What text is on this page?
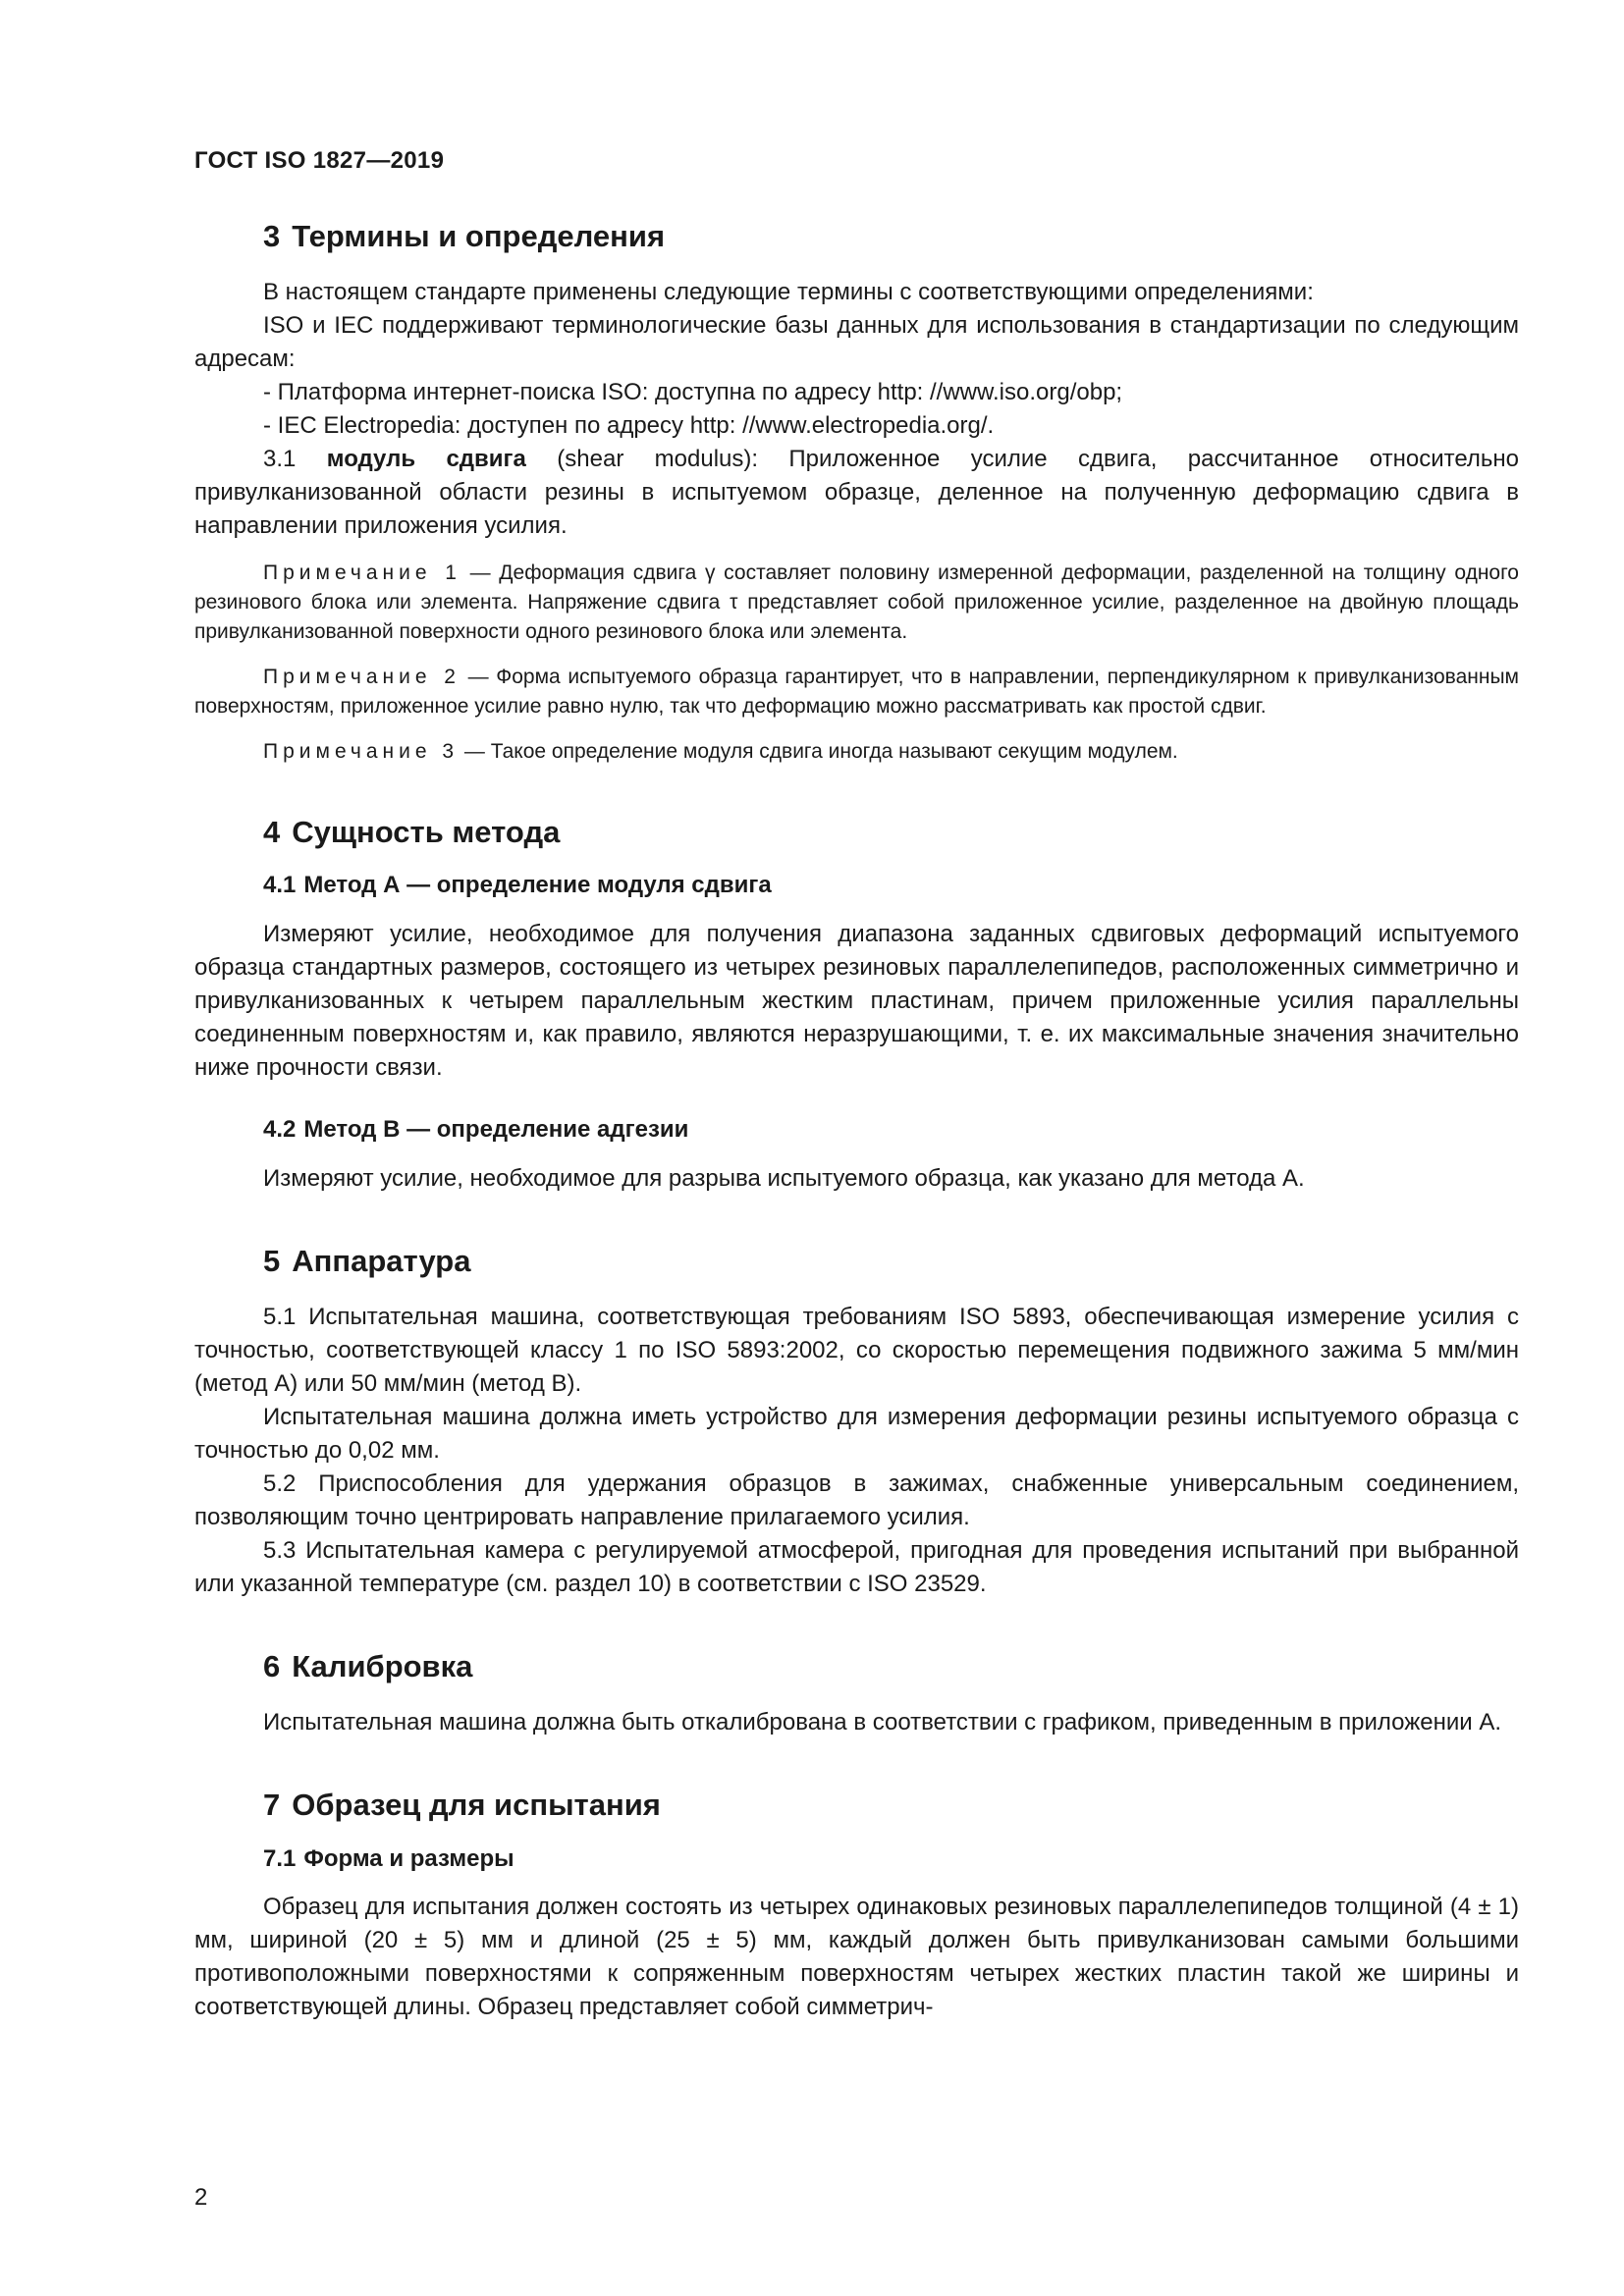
ГОСТ ISO 1827—2019
3 Термины и определения

В настоящем стандарте применены следующие термины с соответствующими определениями:

ISO и IEC поддерживают терминологические базы данных для использования в стандартизации по следующим адресам:

- Платформа интернет-поиска ISO: доступна по адресу http: //www.iso.org/obp;

- IEC Electropedia: доступен по адресу http: //www.electropedia.org/.

3.1 модуль сдвига (shear modulus): Приложенное усилие сдвига, рассчитанное относительно привулканизованной области резины в испытуемом образце, деленное на полученную деформацию сдвига в направлении приложения усилия.

Примечание 1 — Деформация сдвига γ составляет половину измеренной деформации, разделенной на толщину одного резинового блока или элемента. Напряжение сдвига τ представляет собой приложенное усилие, разделенное на двойную площадь привулканизованной поверхности одного резинового блока или элемента.
Примечание 2 — Форма испытуемого образца гарантирует, что в направлении, перпендикулярном к привулканизованным поверхностям, приложенное усилие равно нулю, так что деформацию можно рассматривать как простой сдвиг.
Примечание 3 — Такое определение модуля сдвига иногда называют секущим модулем.
4 Сущность метода
4.1 Метод А — определение модуля сдвига

Измеряют усилие, необходимое для получения диапазона заданных сдвиговых деформаций испытуемого образца стандартных размеров, состоящего из четырех резиновых параллелепипедов, расположенных симметрично и привулканизованных к четырем параллельным жестким пластинам, причем приложенные усилия параллельны соединенным поверхностям и, как правило, являются неразрушающими, т. е. их максимальные значения значительно ниже прочности связи.

4.2 Метод В — определение адгезии

Измеряют усилие, необходимое для разрыва испытуемого образца, как указано для метода А.

5 Аппаратура

5.1 Испытательная машина, соответствующая требованиям ISO 5893, обеспечивающая измерение усилия с точностью, соответствующей классу 1 по ISO 5893:2002, со скоростью перемещения подвижного зажима 5 мм/мин (метод А) или 50 мм/мин (метод В).

Испытательная машина должна иметь устройство для измерения деформации резины испытуемого образца с точностью до 0,02 мм.

5.2 Приспособления для удержания образцов в зажимах, снабженные универсальным соединением, позволяющим точно центрировать направление прилагаемого усилия.

5.3 Испытательная камера с регулируемой атмосферой, пригодная для проведения испытаний при выбранной или указанной температуре (см. раздел 10) в соответствии с ISO 23529.

6 Калибровка

Испытательная машина должна быть откалибрована в соответствии с графиком, приведенным в приложении А.

7 Образец для испытания
7.1 Форма и размеры

Образец для испытания должен состоять из четырех одинаковых резиновых параллелепипедов толщиной (4 ± 1) мм, шириной (20 ± 5) мм и длиной (25 ± 5) мм, каждый должен быть привулканизован самыми большими противоположными поверхностями к сопряженным поверхностям четырех жестких пластин такой же ширины и соответствующей длины. Образец представляет собой симметрич-

2
